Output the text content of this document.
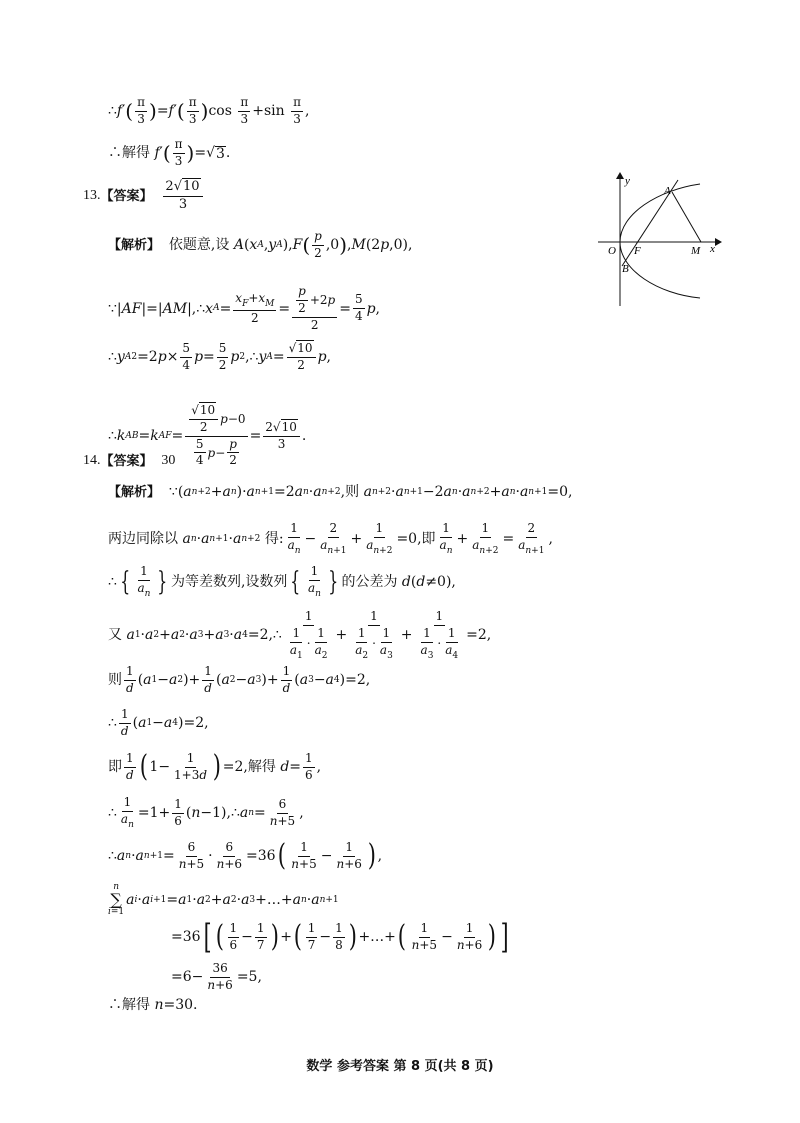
∴ f ′ ( $\frac{\pi}{3}$ ) = f ′ ( $\frac{\pi}{3}$ ) $\cos \frac{\pi}{3} +\sin \frac{\pi}{3}$ ,
∴解得 f ′ ( $\frac{\pi}{3}$ ) =√ 3 .
13. 【答案】
$\frac{2√10}{3}$
【解析】 依题意,设 A ( x A , y A ), F ( $\frac{p}{2} ,0$ ) , M (2 p ,0),
∵| AF |=| AM |,∴ x $A = \frac{x_F+x_M}{2} = \frac{\frac{p}{2} +2p}{2} = \frac{5}{4}$ p ,
∴ y A 2 =2 $p \times \frac{5}{4}$ $p = \frac{5}{2}$ p 2 ,∴ y $A = \frac{√10}{2}$ p ,
∴ k AB = k AF = $\frac{\frac{√10}{2} p-0}{\frac{5}{4} p- \frac{p}{2}} = \frac{2√10}{3}$ .
y
x
O F
A
B
M
14. 【答案】
30
【解析】 ∵( a n+2 + a n )· a n+1 =2 a n · a n+2 ,则 a n+2 · a n+1 −2 a n · a n+2 + a n · a n+1 =0,
两边同除以 a n · a n+1 · a n+2 得: $\frac{1}{a_n} - \frac{2}{a_{n+1}} + \frac{1}{a_{n+2}} =0$,即 $\frac{1}{a_n} + \frac{1}{a_{n+2}} = \frac{2}{a_{n+1}}$ ,
∴ { $\frac{1}{a_n}$ } 为等差数列,设数列 { $\frac{1}{a_n}$ } 的公差为 d ( d ≠0),
又 a 1 · a 2 + a 2 · a 3 + a 3 · a 4 =2,∴ $\frac{1}{\frac{1}{a_1} \cdot \frac{1}{a_2}} + \frac{1}{\frac{1}{a_2} \cdot \frac{1}{a_3}} + \frac{1}{\frac{1}{a_3} \cdot \frac{1}{a_4}} =2$,
则 $\frac{1}{d}$ ( a 1 − a 2 )+ $\frac{1}{d}$ ( a 2 − a 3 )+ $\frac{1}{d}$ ( a 3 − a 4 )=2,
∴ $\frac{1}{d}$ ( a 1 − a 4 )=2,
即 $\frac{1}{d}$ ( $1- \frac{1}{1+3d}$ ) =2,解得 $d = \frac{1}{6}$ ,
∴ $\frac{1}{a_n} =1+ \frac{1}{6}$ ( n −1),∴ a $n = \frac{6}{n+5}$ ,
∴ a n · a $n+1 = \frac{6}{n+5} \cdot \frac{6}{n+6} =36$ ( $\frac{1}{n+5} - \frac{1}{n+6}$ ) ,
n
∑
i=1
a i · a i+1 = a 1 · a 2 + a 2 · a 3 +…+ a n · a n+1
=36 [ ( $\frac{1}{6} - \frac{1}{7}$ ) + ( $\frac{1}{7} - \frac{1}{8}$ ) +…+ ( $\frac{1}{n+5} - \frac{1}{n+6}$ ) ]
$=6- \frac{36}{n+6} =5$,
∴解得 n =30.
数学 参考答案 第 8 页(共 8 页)
